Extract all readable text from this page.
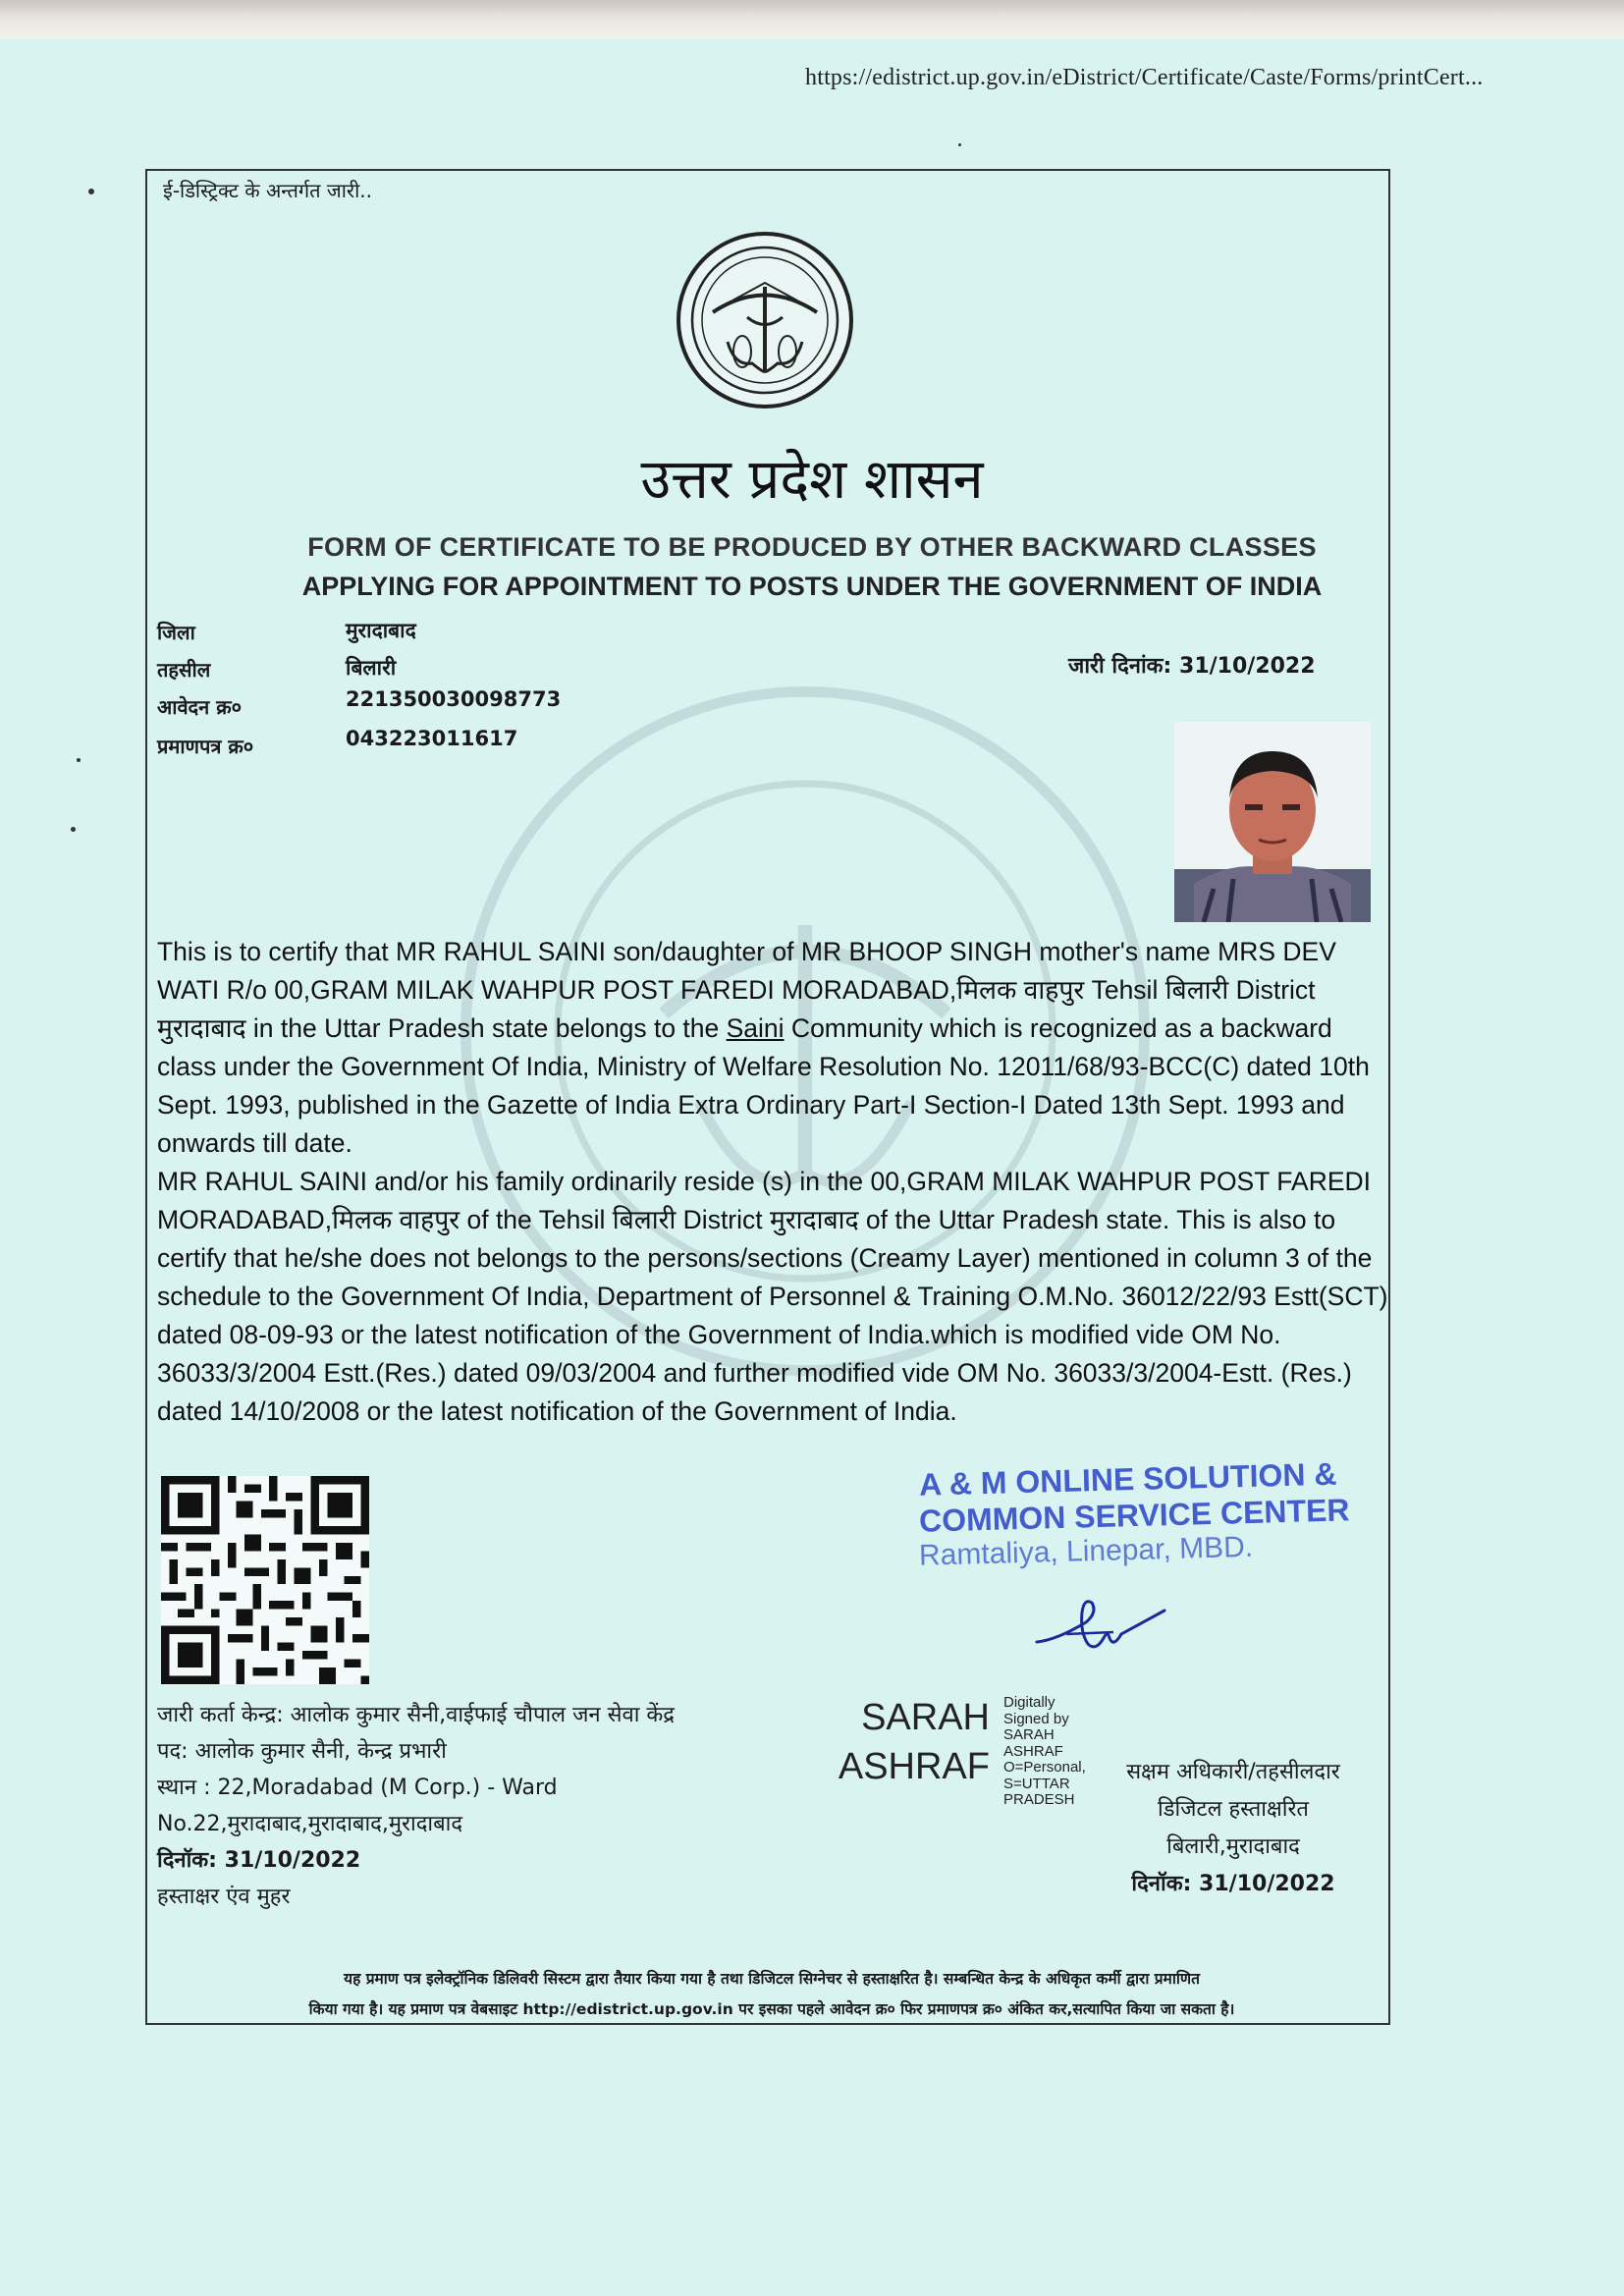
https://edistrict.up.gov.in/eDistrict/Certificate/Caste/Forms/printCert...
ई-डिस्ट्रिक्ट के अन्तर्गत जारी..
उत्तर प्रदेश शासन
FORM OF CERTIFICATE TO BE PRODUCED BY OTHER BACKWARD CLASSES
APPLYING FOR APPOINTMENT TO POSTS UNDER THE GOVERNMENT OF INDIA
जिला	मुरादाबाद
तहसील	बिलारी
आवेदन क्र०	221350030098773
प्रमाणपत्र क्र०	043223011617
जारी दिनांक: 31/10/2022

This is to certify that MR RAHUL SAINI son/daughter of MR BHOOP SINGH mother's name MRS DEV WATI R/o 00,GRAM MILAK WAHPUR POST FAREDI MORADABAD,मिलक वाहपुर Tehsil बिलारी District मुरादाबाद in the Uttar Pradesh state belongs to the Saini Community which is recognized as a backward class under the Government Of India, Ministry of Welfare Resolution No. 12011/68/93-BCC(C) dated 10th Sept. 1993, published in the Gazette of India Extra Ordinary Part-I Section-I Dated 13th Sept. 1993 and onwards till date.

MR RAHUL SAINI and/or his family ordinarily reside (s) in the 00,GRAM MILAK WAHPUR POST FAREDI MORADABAD,मिलक वाहपुर of the Tehsil बिलारी District मुरादाबाद of the Uttar Pradesh state. This is also to certify that he/she does not belongs to the persons/sections (Creamy Layer) mentioned in column 3 of the schedule to the Government Of India, Department of Personnel & Training O.M.No. 36012/22/93 Estt(SCT) dated 08-09-93 or the latest notification of the Government of India.which is modified vide OM No. 36033/3/2004 Estt.(Res.) dated 09/03/2004 and further modified vide OM No. 36033/3/2004-Estt. (Res.) dated 14/10/2008 or the latest notification of the Government of India.

A & M ONLINE SOLUTION &
COMMON SERVICE CENTER
Ramtaliya, Linepar, MBD.
जारी कर्ता केन्द्र: आलोक कुमार सैनी,वाईफाई चौपाल जन सेवा केंद्र
पद: आलोक कुमार सैनी, केन्द्र प्रभारी
स्थान : 22,Moradabad (M Corp.) - Ward
No.22,मुरादाबाद,मुरादाबाद,मुरादाबाद
दिनॉक: 31/10/2022
हस्ताक्षर एंव मुहर
SARAH
ASHRAF
Digitally
Signed by
SARAH
ASHRAF
O=Personal,
S=UTTAR
PRADESH
सक्षम अधिकारी/तहसीलदार
डिजिटल हस्ताक्षरित
बिलारी,मुरादाबाद
दिनॉक: 31/10/2022
यह प्रमाण पत्र इलेक्ट्रॉनिक डिलिवरी सिस्टम द्वारा तैयार किया गया है तथा डिजिटल सिग्नेचर से हस्ताक्षरित है। सम्बन्धित केन्द्र के अधिकृत कर्मी द्वारा प्रमाणित
किया गया है। यह प्रमाण पत्र वेबसाइट http://edistrict.up.gov.in पर इसका पहले आवेदन क्र० फिर प्रमाणपत्र क्र० अंकित कर,सत्यापित किया जा सकता है।
